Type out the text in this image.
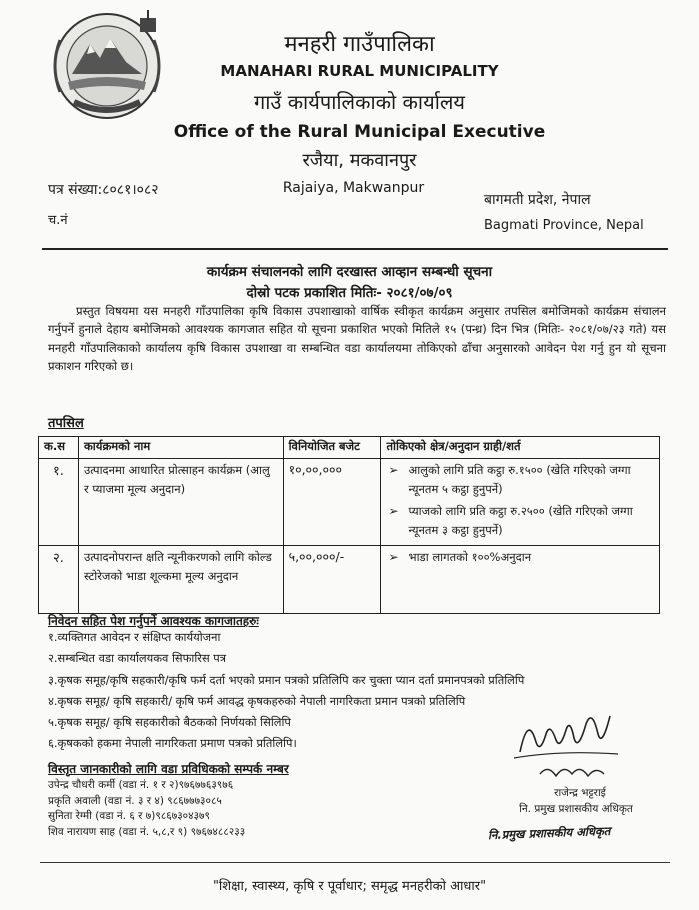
मनहरी गाउँपालिका
MANAHARI RURAL MUNICIPALITY
गाउँ कार्यपालिकाको कार्यालय
Office of the Rural Municipal Executive
रजैया, मकवानपुर
Rajaiya, Makwanpur
पत्र संख्या:८०८१।०८२
च.नं
बागमती प्रदेश, नेपाल
Bagmati Province, Nepal
कार्यक्रम संचालनको लागि दरखास्त आव्हान सम्बन्धी सूचना
दोस्रो पटक प्रकाशित मितिः- २०८१/०७/०९

प्रस्तुत विषयमा यस मनहरी गाँउपालिका कृषि विकास उपशाखाको वार्षिक स्वीकृत कार्यक्रम अनुसार तपसिल बमोजिमको कार्यक्रम संचालन गर्नुपर्ने हुनाले देहाय बमोजिमको आवश्यक कागजात सहित यो सूचना प्रकाशित भएको मितिले १५ (पन्ध्र) दिन भित्र (मितिः- २०८१/०७/२३ गते) यस मनहरी गाँउपालिकाको कार्यालय कृषि विकास उपशाखा वा सम्बन्धित वडा कार्यालयमा तोकिएको ढाँचा अनुसारको आवेदन पेश गर्नु हुन यो सूचना प्रकाशन गरिएको छ।

तपसिल
क.स	कार्यक्रमको नाम	विनियोजित बजेट	तोकिएको क्षेत्र/अनुदान ग्राही/शर्त
१.	उत्पादनमा आधारित प्रोत्साहन कार्यक्रम (आलु र प्याजमा मूल्य अनुदान)	१०,००,०००	➢ आलुको लागि प्रति कट्ठा रु.१५०० (खेति गरिएको जग्गा न्यूनतम ५ कट्ठा हुनुपर्ने)
➢ प्याजको लागि प्रति कट्ठा रु.२५०० (खेति गरिएको जग्गा न्यूनतम ३ कट्ठा हुनुपर्ने)

२.	उत्पादनोपरान्त क्षति न्यूनीकरणको लागि कोल्ड स्टोरेजको भाडा शूल्कमा मूल्य अनुदान	५,००,०००/-	➢ भाडा लागतको १००%अनुदान
निवेदन सहित पेश गर्नुपर्ने आवश्यक कागजातहरुः
१.व्यक्तिगत आवेदन र संक्षिप्त कार्ययोजना
२.सम्बन्धित वडा कार्यालयकव सिफारिस पत्र
३.कृषक समूह/कृषि सहकारी/कृषि फर्म दर्ता भएको प्रमान पत्रको प्रतिलिपि कर चुक्ता प्यान दर्ता प्रमानपत्रको प्रतिलिपि
४.कृषक समूह/ कृषि सहकारी/ कृषि फर्म आवद्ध कृषकहरुको नेपाली नागरिकता प्रमान पत्रको प्रतिलिपि
५.कृषक समूह/ कृषि सहकारीको बैठकको निर्णयको सिलिपि
६.कृषकको हकमा नेपाली नागरिकता प्रमाण पत्रको प्रतिलिपि।
विस्तृत जानकारीको लागि वडा प्रविधिकको सम्पर्क नम्बर
उपेन्द्र चौधरी कर्मी (वडा नं. १ र २)९७६७७६३९७६
प्रकृति अवाली (वडा नं. ३ र ४) ९८६७७७३०८५
सुनिता रेग्मी (वडा नं. ६ र ७)९८६७३०४३७९
शिव नारायण साह (वडा नं. ५,८,र ९) ९७६७४८८२३३
राजेन्द्र भट्टराई
नि. प्रमुख प्रशासकीय अधिकृत
नि.प्रमुख प्रशासकीय अधिकृत
"शिक्षा, स्वास्थ्य, कृषि र पूर्वाधार; समृद्ध मनहरीको आधार"
